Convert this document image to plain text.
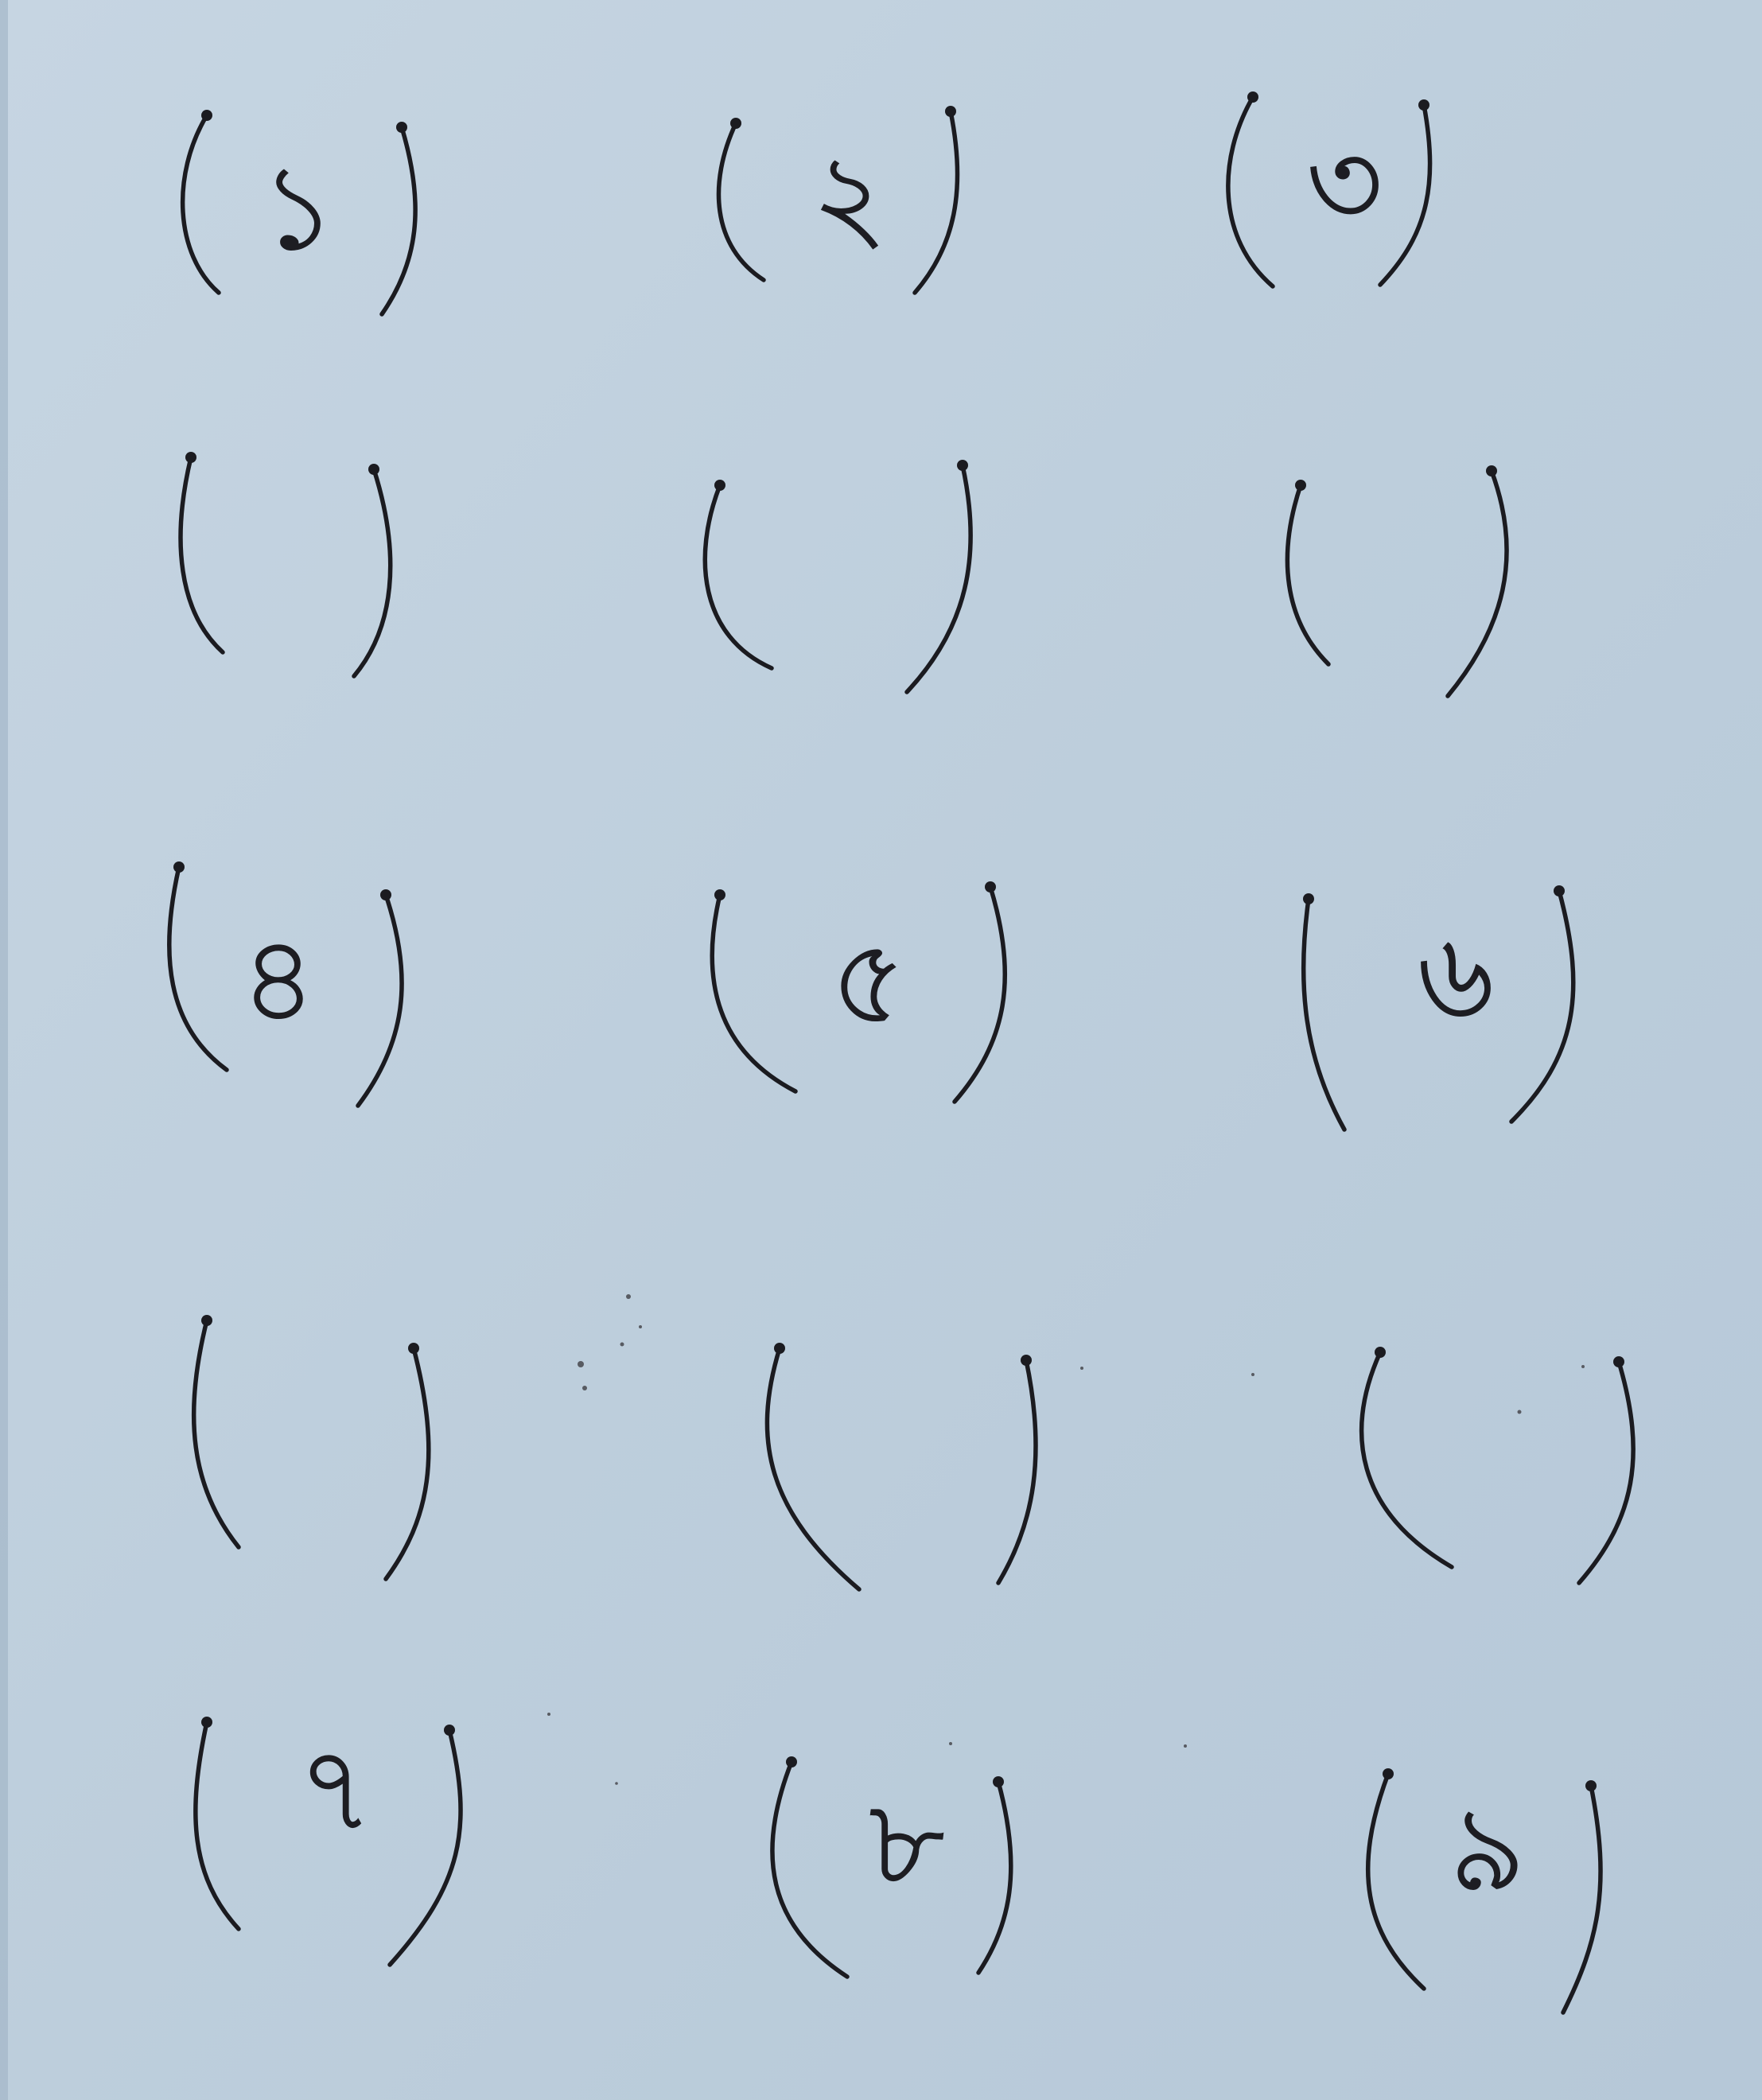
১	২	৩
৪	৫	৬
৭	৮	৯
